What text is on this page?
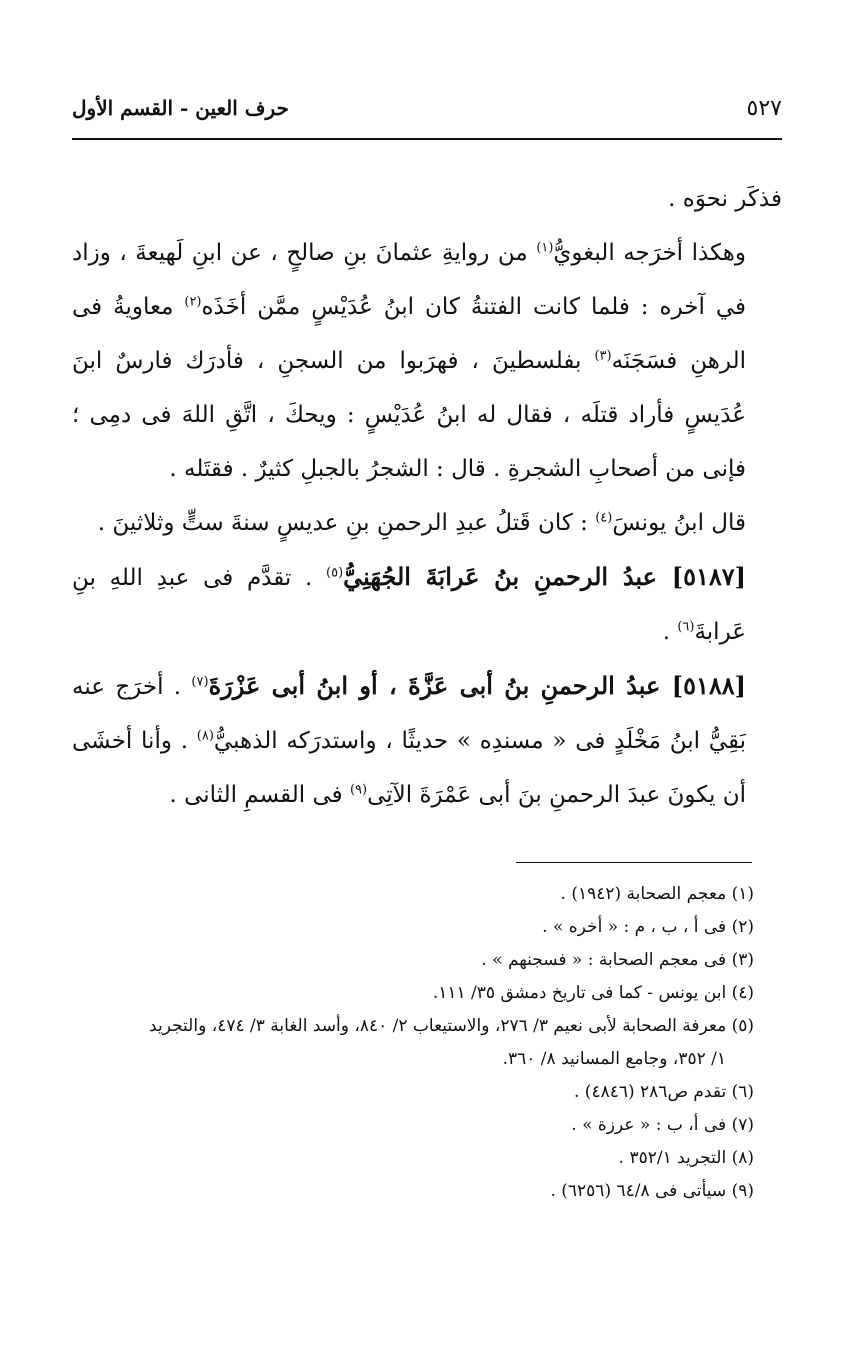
٥٢٧
حرف العين - القسم الأول

فذكَر نحوَه .

وهكذا أخرَجه البغويُّ$^{(١)}$ من روايةِ عثمانَ بنِ صالحٍ ، عن ابنِ لَهيعةَ ، وزاد في آخره : فلما كانت الفتنةُ كان ابنُ عُدَيْسٍ ممَّن أخَذَه$^{(٢)}$ معاويةُ فى الرهنِ فسَجَنَه$^{(٣)}$ بفلسطينَ ، فهرَبوا من السجنِ ، فأدرَك فارسٌ ابنَ عُدَيسٍ فأراد قتلَه ، فقال له ابنُ عُدَيْسٍ : ويحكَ ، اتَّقِ اللهَ فى دمِى ؛ فإنى من أصحابِ الشجرةِ . قال : الشجرُ بالجبلِ كثيرٌ . فقتَله .

قال ابنُ يونسَ$^{(٤)}$ : كان قَتلُ عبدِ الرحمنِ بنِ عديسٍ سنةَ ستٍّ وثلاثينَ .

[٥١٨٧] عبدُ الرحمنِ بنُ عَرابَةَ الجُهَنِيُّ$^{(٥)}$ . تقدَّم فى عبدِ اللهِ بنِ عَرابةَ$^{(٦)}$ .

[٥١٨٨] عبدُ الرحمنِ بنُ أبى عَزَّةَ ، أو ابنُ أبى عَزْرَةَ$^{(٧)}$ . أخرَج عنه بَقِيُّ ابنُ مَخْلَدٍ فى « مسندِه » حديثًا ، واستدرَكه الذهبيُّ$^{(٨)}$ . وأنا أخشَى أن يكونَ عبدَ الرحمنِ بنَ أبى عَمْرَةَ الآتِى$^{(٩)}$ فى القسمِ الثانى .

(١) معجم الصحابة (١٩٤٢) .

(٢) فى أ ، ب ، م : « أخره » .

(٣) فى معجم الصحابة : « فسجنهم » .

(٤) ابن يونس - كما فى تاريخ دمشق ٣٥/ ١١١.

(٥) معرفة الصحابة لأبى نعيم ٣/ ٢٧٦، والاستيعاب ٢/ ٨٤٠، وأسد الغابة ٣/ ٤٧٤، والتجريد

١/ ٣٥٢، وجامع المسانيد ٨/ ٣٦٠.

(٦) تقدم ص٢٨٦ (٤٨٤٦) .

(٧) فى أ، ب : « عرزة » .

(٨) التجريد ٣٥٢/١ .

(٩) سيأتى فى ٦٤/٨ (٦٢٥٦) .
